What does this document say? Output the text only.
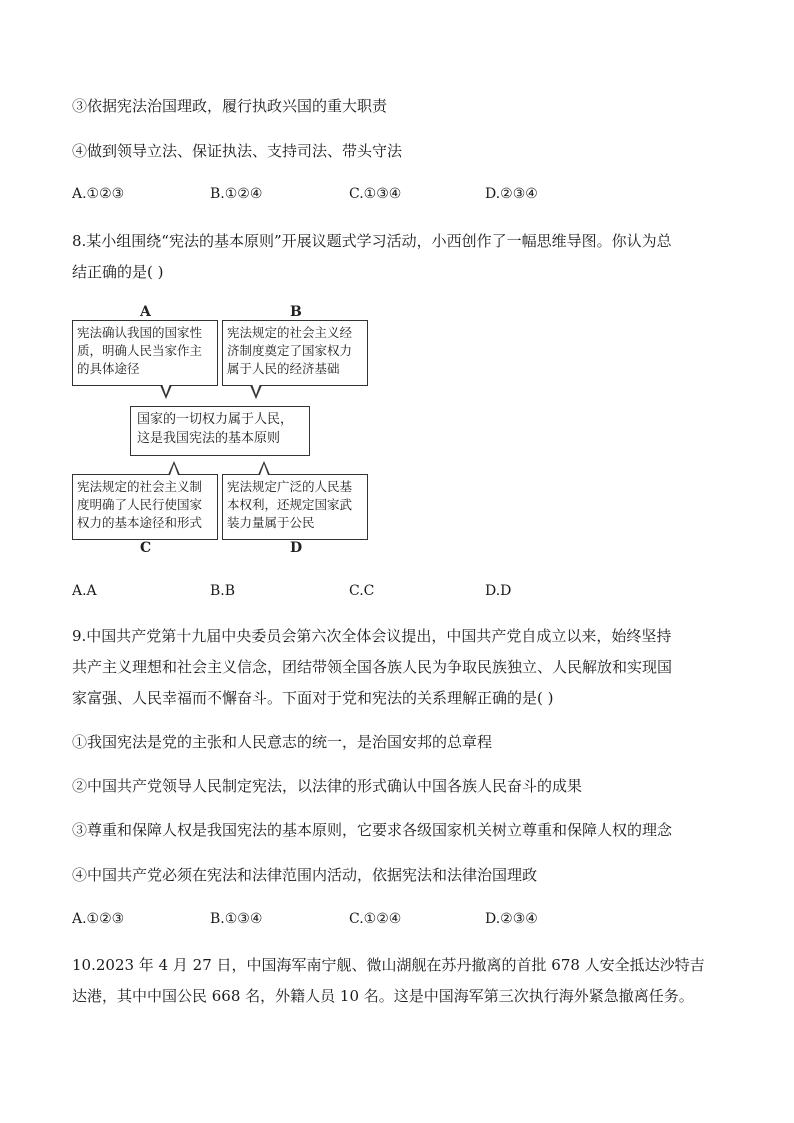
③依据宪法治国理政，履行执政兴国的重大职责
④做到领导立法、保证执法、支持司法、带头守法
A.①②③	B.①②④	C.①③④	D.②③④
8.某小组围绕“宪法的基本原则”开展议题式学习活动，小西创作了一幅思维导图。你认为总
结正确的是( )
A	B
宪法确认我国的国家性
质，明确人民当家作主
的具体途径
宪法规定的社会主义经
济制度奠定了国家权力
属于人民的经济基础
国家的一切权力属于人民，
这是我国宪法的基本原则
宪法规定的社会主义制
度明确了人民行使国家
权力的基本途径和形式
宪法规定广泛的人民基
本权利，还规定国家武
装力量属于公民
C	D
A.A	B.B	C.C	D.D
9.中国共产党第十九届中央委员会第六次全体会议提出，中国共产党自成立以来，始终坚持
共产主义理想和社会主义信念，团结带领全国各族人民为争取民族独立、人民解放和实现国
家富强、人民幸福而不懈奋斗。下面对于党和宪法的关系理解正确的是( )
①我国宪法是党的主张和人民意志的统一，是治国安邦的总章程
②中国共产党领导人民制定宪法，以法律的形式确认中国各族人民奋斗的成果
③尊重和保障人权是我国宪法的基本原则，它要求各级国家机关树立尊重和保障人权的理念
④中国共产党必须在宪法和法律范围内活动，依据宪法和法律治国理政
A.①②③	B.①③④	C.①②④	D.②③④
10.2023 年 4 月 27 日，中国海军南宁舰、微山湖舰在苏丹撤离的首批 678 人安全抵达沙特吉
达港，其中中国公民 668 名，外籍人员 10 名。这是中国海军第三次执行海外紧急撤离任务。
